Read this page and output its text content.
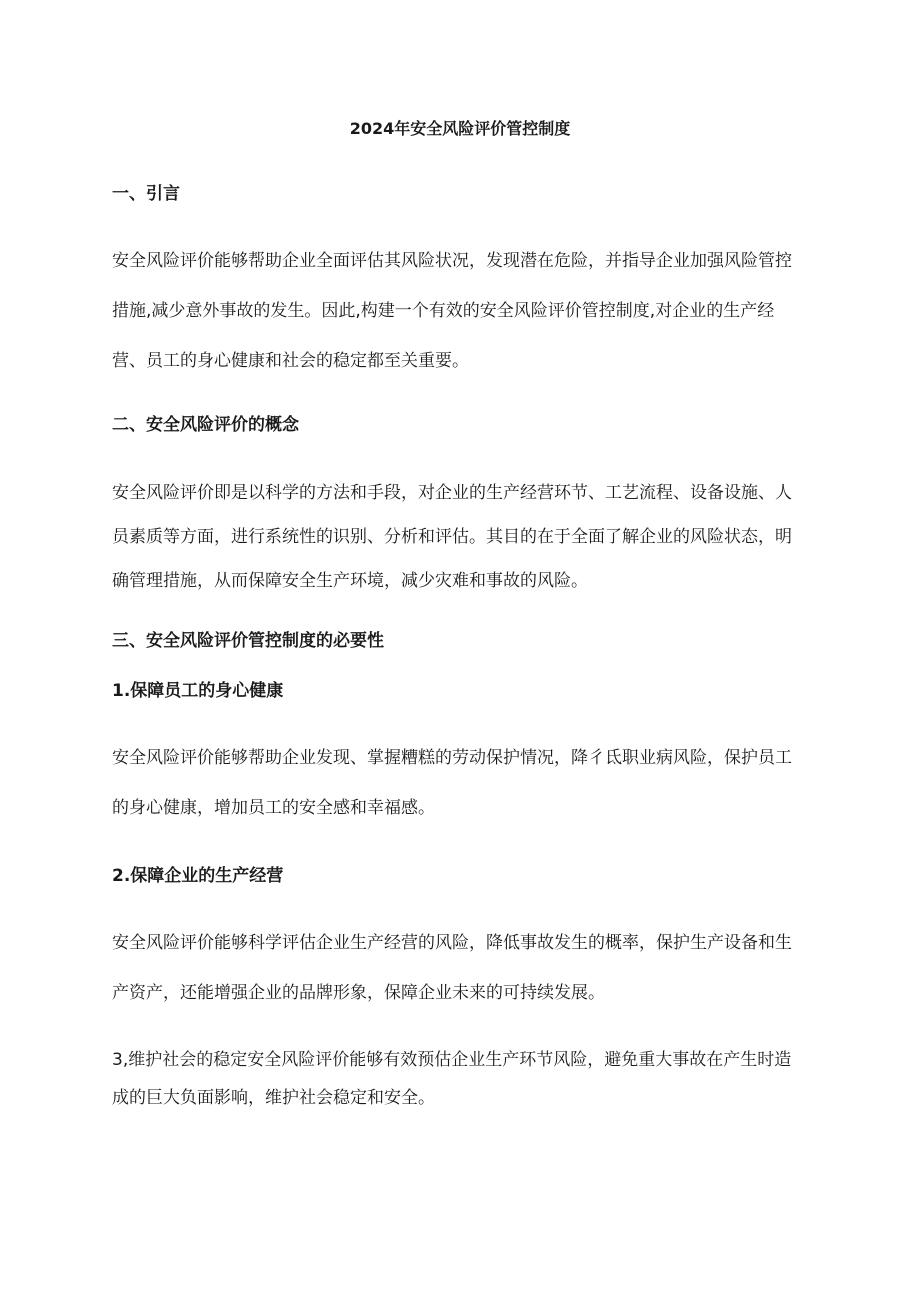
2024年安全风险评价管控制度
一、引言

安全风险评价能够帮助企业全面评估其风险状况，发现潜在危险，并指导企业加强风险管控
措施,减少意外事故的发生。因此,构建一个有效的安全风险评价管控制度,对企业的生产经
营、员工的身心健康和社会的稳定都至关重要。

二、安全风险评价的概念

安全风险评价即是以科学的方法和手段，对企业的生产经营环节、工艺流程、设备设施、人
员素质等方面，进行系统性的识别、分析和评估。其目的在于全面了解企业的风险状态，明
确管理措施，从而保障安全生产环境，减少灾难和事故的风险。

三、安全风险评价管控制度的必要性
1.保障员工的身心健康

安全风险评价能够帮助企业发现、掌握糟糕的劳动保护情况，降彳氐职业病风险，保护员工
的身心健康，增加员工的安全感和幸福感。

2.保障企业的生产经营

安全风险评价能够科学评估企业生产经营的风险，降低事故发生的概率，保护生产设备和生
产资产，还能增强企业的品牌形象，保障企业未来的可持续发展。

3,维护社会的稳定安全风险评价能够有效预估企业生产环节风险，避免重大事故在产生时造
成的巨大负面影响，维护社会稳定和安全。
